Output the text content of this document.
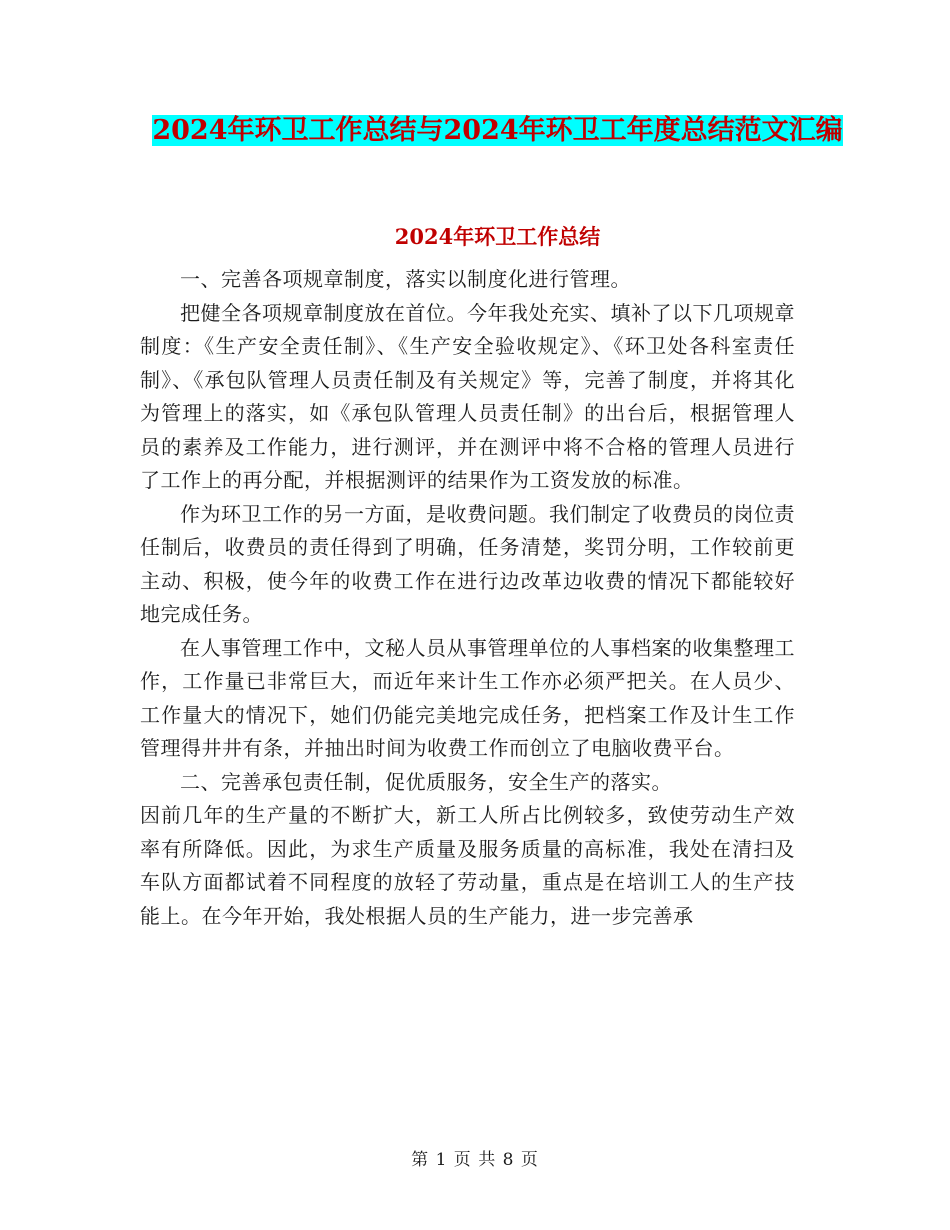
2024年环卫工作总结与2024年环卫工年度总结范文汇编
2024年环卫工作总结

一、完善各项规章制度，落实以制度化进行管理。

把健全各项规章制度放在首位。今年我处充实、填补了以下几项规章制度：《生产安全责任制》、《生产安全验收规定》、《环卫处各科室责任制》、《承包队管理人员责任制及有关规定》等，完善了制度，并将其化为管理上的落实，如《承包队管理人员责任制》的出台后，根据管理人员的素养及工作能力，进行测评，并在测评中将不合格的管理人员进行了工作上的再分配，并根据测评的结果作为工资发放的标准。

作为环卫工作的另一方面，是收费问题。我们制定了收费员的岗位责任制后，收费员的责任得到了明确，任务清楚，奖罚分明，工作较前更主动、积极，使今年的收费工作在进行边改革边收费的情况下都能较好地完成任务。

在人事管理工作中，文秘人员从事管理单位的人事档案的收集整理工作，工作量已非常巨大，而近年来计生工作亦必须严把关。在人员少、工作量大的情况下，她们仍能完美地完成任务，把档案工作及计生工作管理得井井有条，并抽出时间为收费工作而创立了电脑收费平台。

二、完善承包责任制，促优质服务，安全生产的落实。

因前几年的生产量的不断扩大，新工人所占比例较多，致使劳动生产效率有所降低。因此，为求生产质量及服务质量的高标准，我处在清扫及车队方面都试着不同程度的放轻了劳动量，重点是在培训工人的生产技能上。在今年开始，我处根据人员的生产能力，进一步完善承

第 1 页 共 8 页
